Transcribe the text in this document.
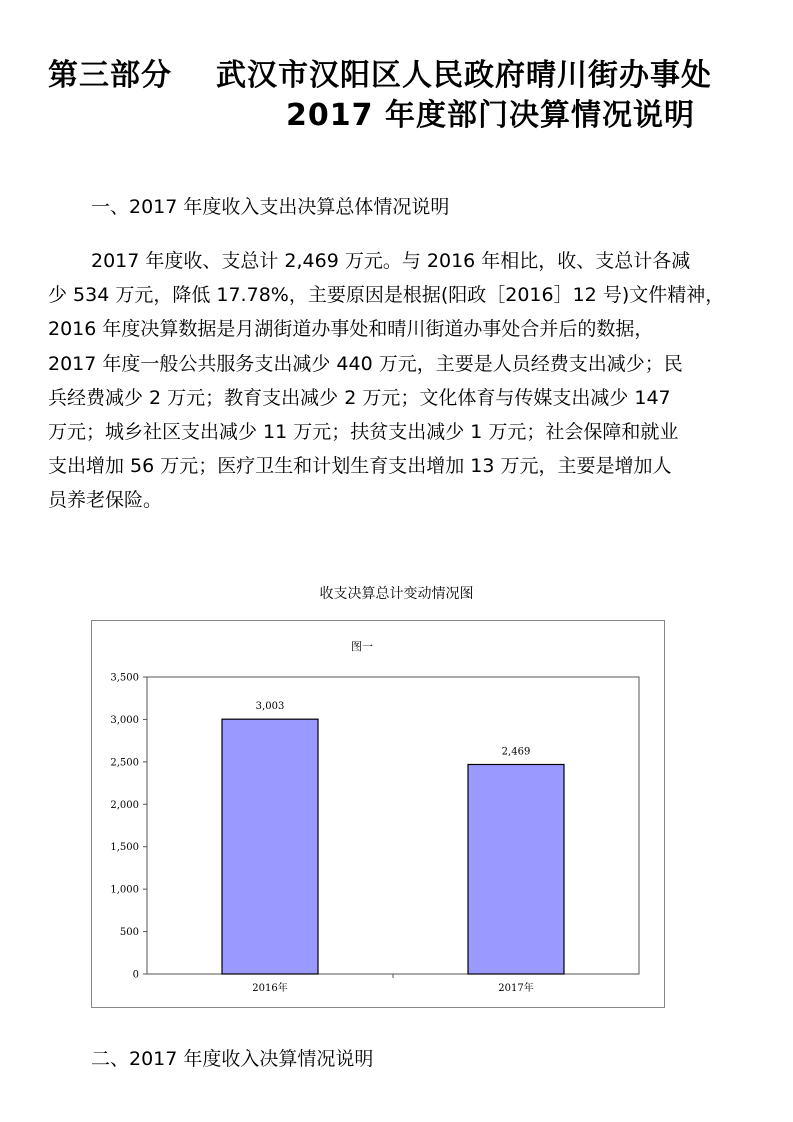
第三部分 武汉市汉阳区人民政府晴川街办事处
2017 年度部门决算情况说明
一、2017 年度收入支出决算总体情况说明
2017 年度收、支总计 2,469 万元。与 2016 年相比，收、支总计各减
少 534 万元，降低 17.78%，主要原因是根据(阳政［2016］12 号)文件精神，
2016 年度决算数据是月湖街道办事处和晴川街道办事处合并后的数据，
2017 年度一般公共服务支出减少 440 万元，主要是人员经费支出减少；民
兵经费减少 2 万元；教育支出减少 2 万元；文化体育与传媒支出减少 147
万元；城乡社区支出减少 11 万元；扶贫支出减少 1 万元；社会保障和就业
支出增加 56 万元；医疗卫生和计划生育支出增加 13 万元，主要是增加人
员养老保险。
收支决算总计变动情况图
图一
0
500
1,000
1,500
2,000
2,500
3,000
3,500
3,003
2016年
2,469
2017年
二、2017 年度收入决算情况说明
